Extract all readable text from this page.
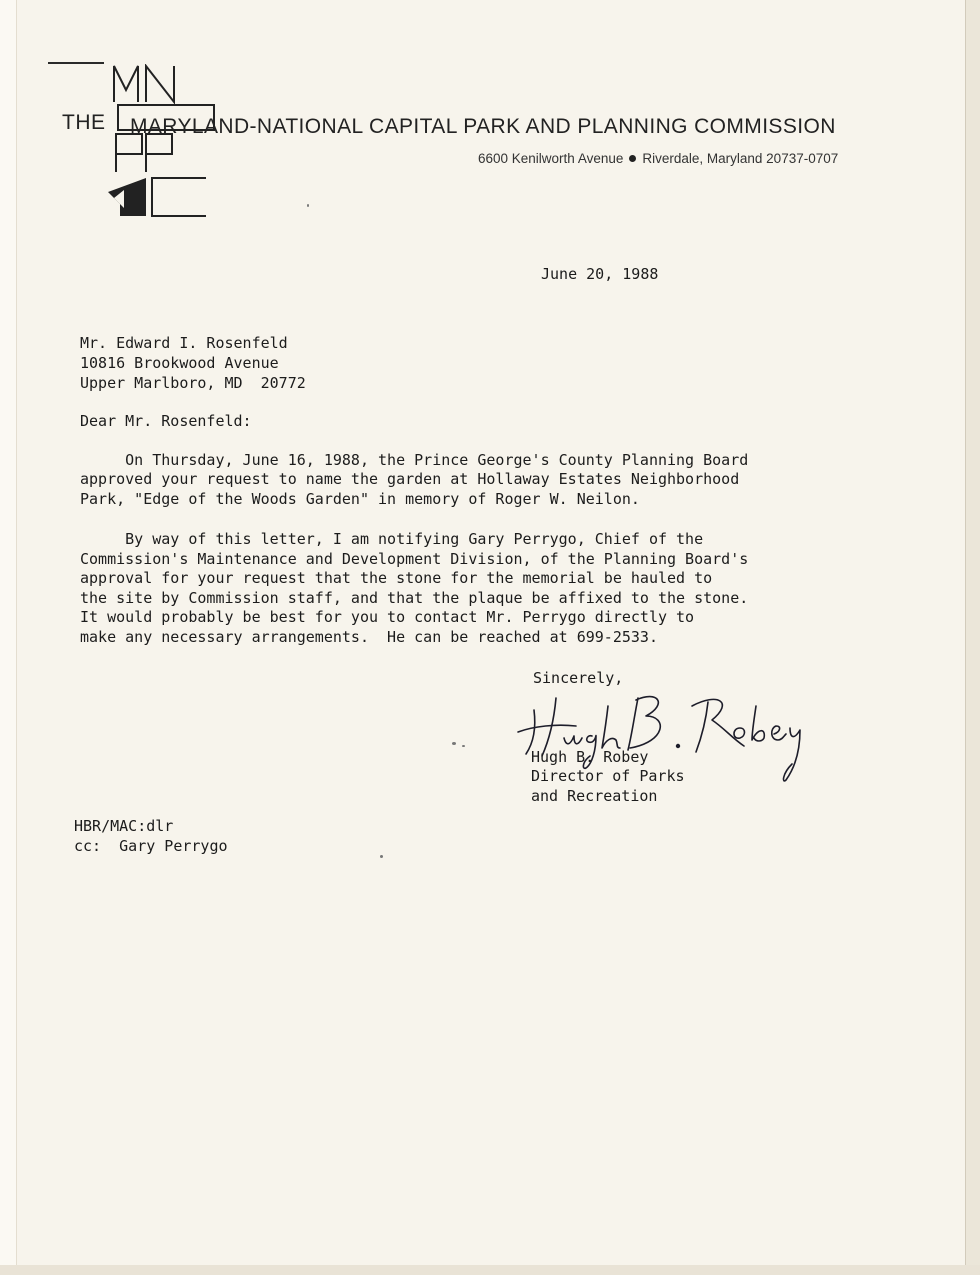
THE MARYLAND-NATIONAL CAPITAL PARK AND PLANNING COMMISSION
6600 Kenilworth Avenue Riverdale, Maryland 20737-0707
June 20, 1988
Mr. Edward I. Rosenfeld
10816 Brookwood Avenue
Upper Marlboro, MD  20772
Dear Mr. Rosenfeld:
On Thursday, June 16, 1988, the Prince George's County Planning Board
approved your request to name the garden at Hollaway Estates Neighborhood
Park, "Edge of the Woods Garden" in memory of Roger W. Neilon.
By way of this letter, I am notifying Gary Perrygo, Chief of the
Commission's Maintenance and Development Division, of the Planning Board's
approval for your request that the stone for the memorial be hauled to
the site by Commission staff, and that the plaque be affixed to the stone.
It would probably be best for you to contact Mr. Perrygo directly to
make any necessary arrangements.  He can be reached at 699-2533.
Sincerely,
Hugh B. Robey
Director of Parks
and Recreation
HBR/MAC:dlr
cc:  Gary Perrygo
